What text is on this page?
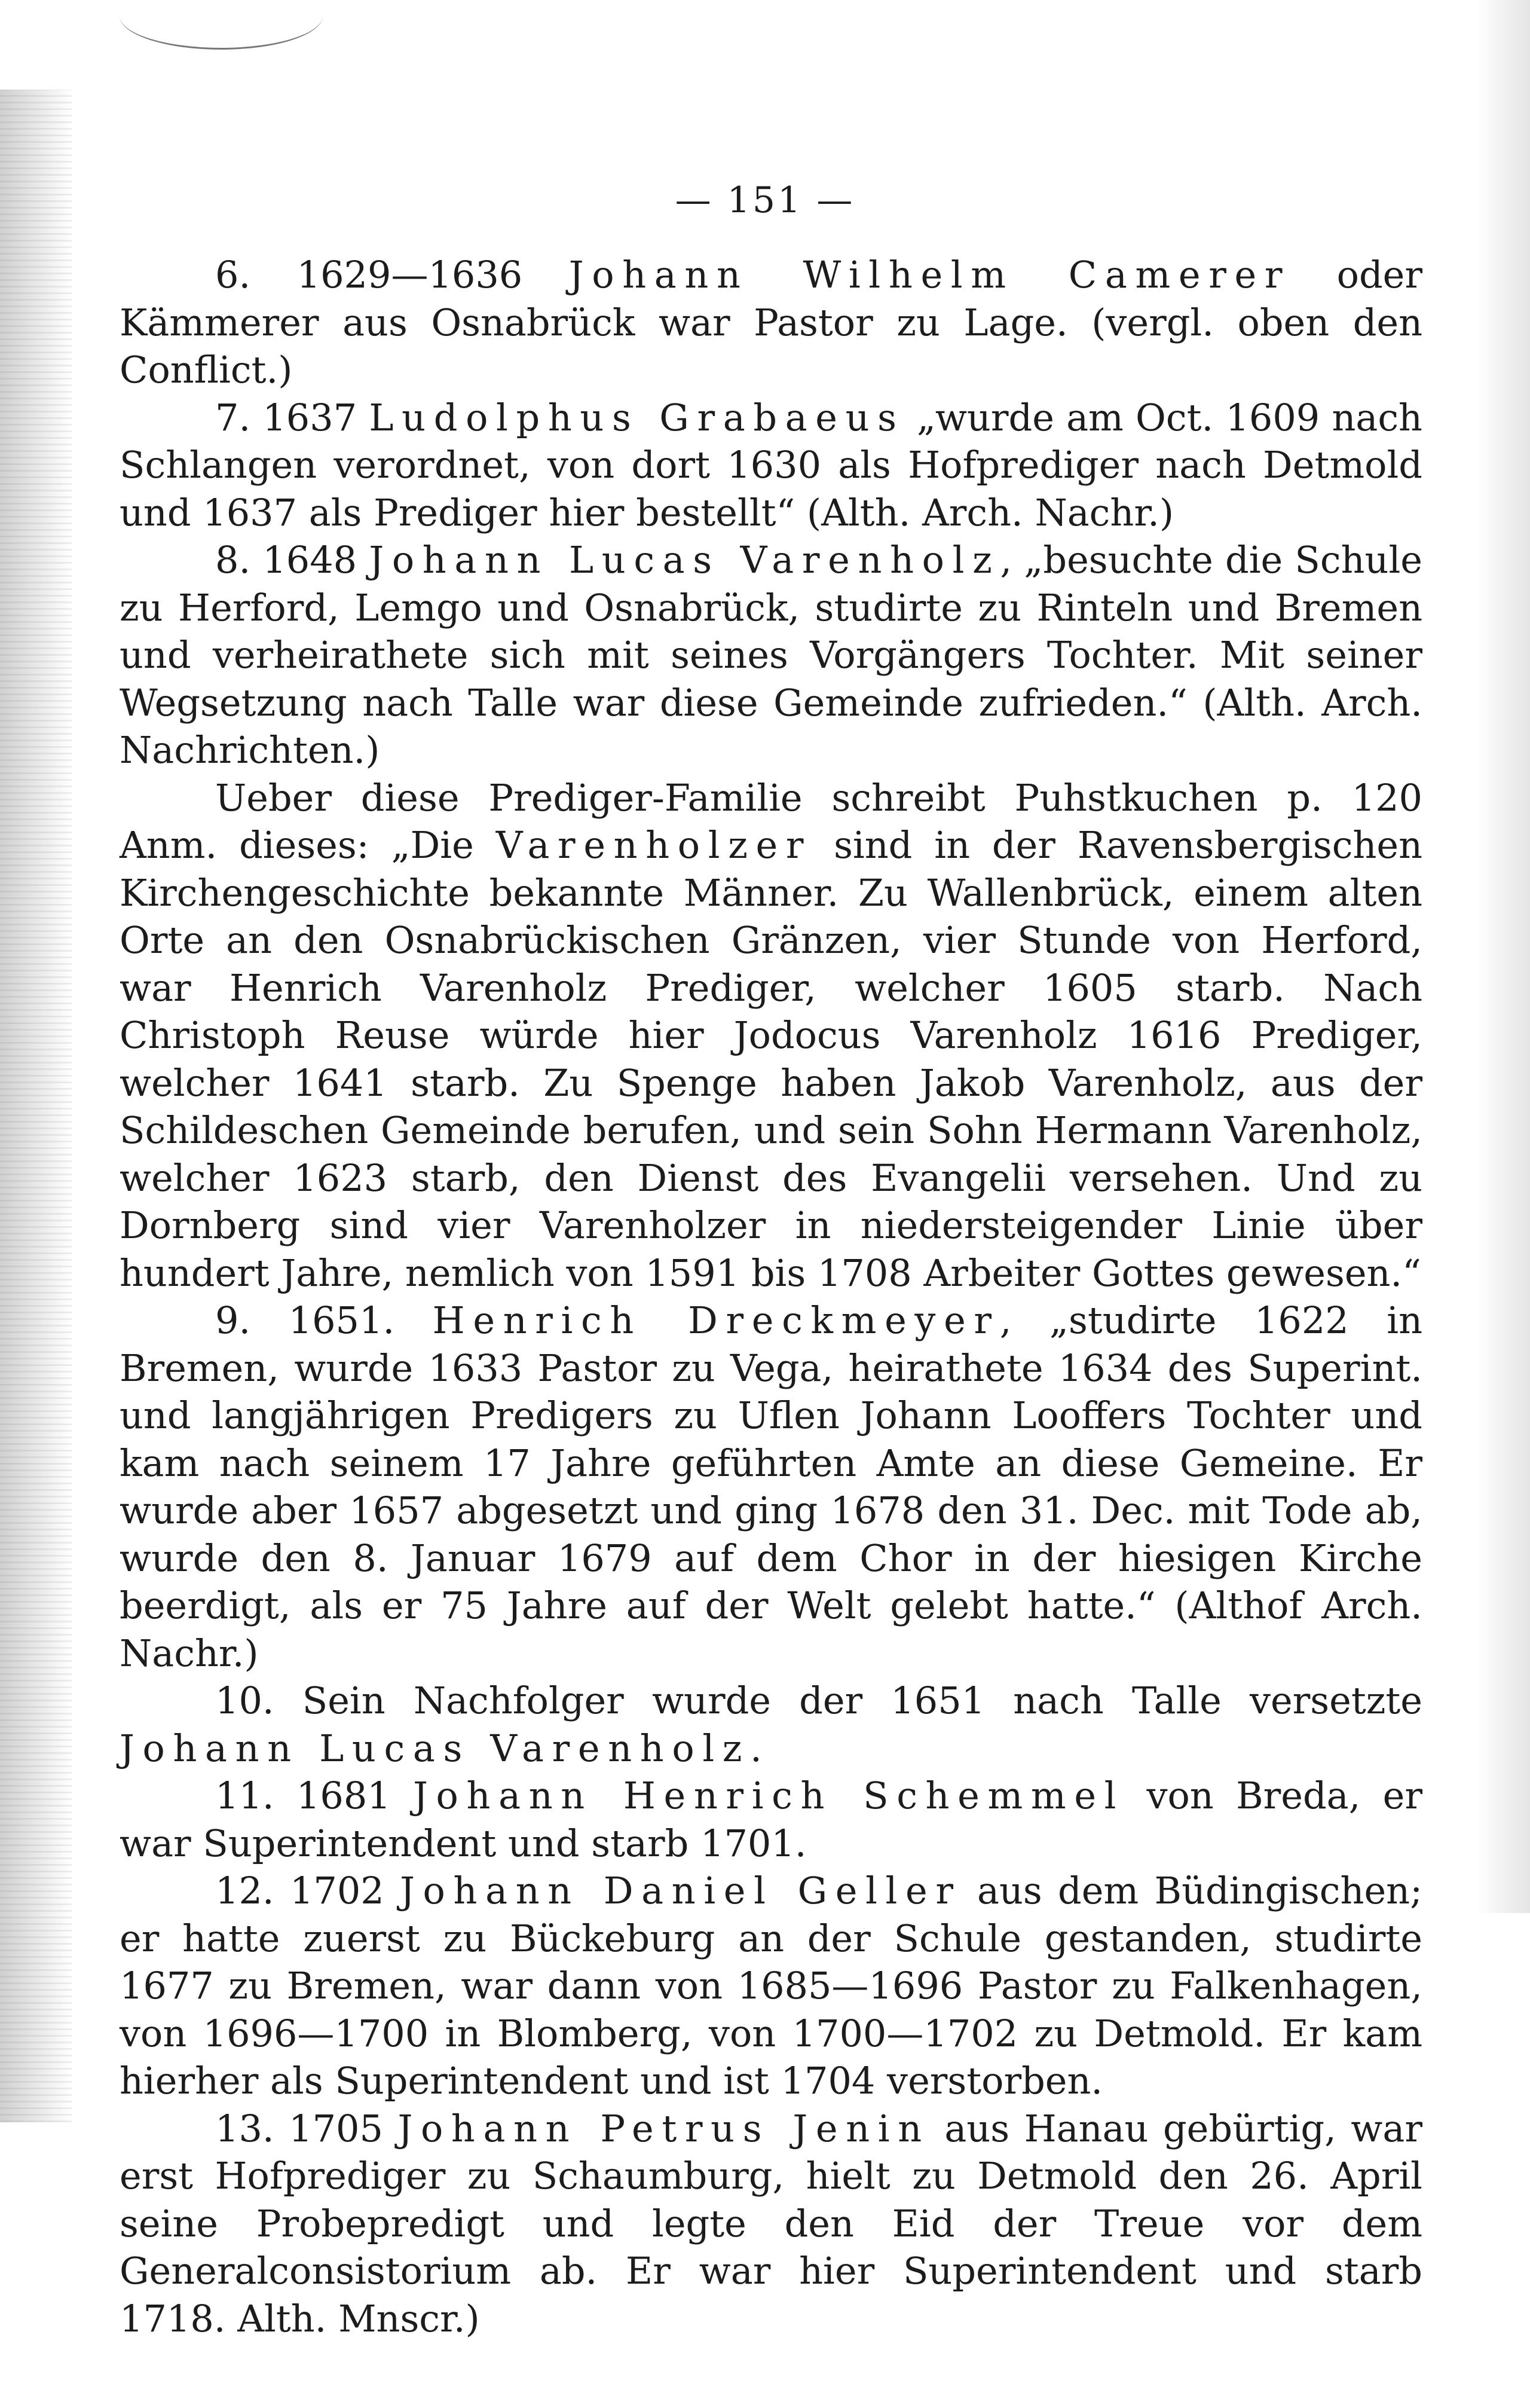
— 151 —

6. 1629—1636 Johann Wilhelm Camerer oder Kämmerer aus Osnabrück war Pastor zu Lage. (vergl. oben den Conflict.)

7. 1637 Ludolphus Grabaeus „wurde am Oct. 1609 nach Schlangen verordnet, von dort 1630 als Hofprediger nach Detmold und 1637 als Prediger hier bestellt“ (Alth. Arch. Nachr.)

8. 1648 Johann Lucas Varenholz, „besuchte die Schule zu Herford, Lemgo und Osnabrück, studirte zu Rinteln und Bremen und verheirathete sich mit seines Vorgängers Tochter. Mit seiner Wegsetzung nach Talle war diese Gemeinde zufrieden.“ (Alth. Arch. Nachrichten.)

Ueber diese Prediger-Familie schreibt Puhstkuchen p. 120 Anm. dieses: „Die Varenholzer sind in der Ravensbergischen Kirchengeschichte bekannte Männer. Zu Wallenbrück, einem alten Orte an den Osnabrückischen Gränzen, vier Stunde von Herford, war Henrich Varenholz Prediger, welcher 1605 starb. Nach Christoph Reuse würde hier Jodocus Varenholz 1616 Prediger, welcher 1641 starb. Zu Spenge haben Jakob Varenholz, aus der Schildeschen Gemeinde berufen, und sein Sohn Hermann Varenholz, welcher 1623 starb, den Dienst des Evangelii versehen. Und zu Dornberg sind vier Varenholzer in niedersteigender Linie über hundert Jahre, nemlich von 1591 bis 1708 Arbeiter Gottes gewesen.“

9. 1651. Henrich Dreckmeyer, „studirte 1622 in Bremen, wurde 1633 Pastor zu Vega, heirathete 1634 des Superint. und langjährigen Predigers zu Uflen Johann Looffers Tochter und kam nach seinem 17 Jahre geführten Amte an diese Gemeine. Er wurde aber 1657 abgesetzt und ging 1678 den 31. Dec. mit Tode ab, wurde den 8. Januar 1679 auf dem Chor in der hiesigen Kirche beerdigt, als er 75 Jahre auf der Welt gelebt hatte.“ (Althof Arch. Nachr.)

10. Sein Nachfolger wurde der 1651 nach Talle versetzte Johann Lucas Varenholz.

11. 1681 Johann Henrich Schemmel von Breda, er war Superintendent und starb 1701.

12. 1702 Johann Daniel Geller aus dem Büdingischen; er hatte zuerst zu Bückeburg an der Schule gestanden, studirte 1677 zu Bremen, war dann von 1685—1696 Pastor zu Falkenhagen, von 1696—1700 in Blomberg, von 1700—1702 zu Detmold. Er kam hierher als Superintendent und ist 1704 verstorben.

13. 1705 Johann Petrus Jenin aus Hanau gebürtig, war erst Hofprediger zu Schaumburg, hielt zu Detmold den 26. April seine Probepredigt und legte den Eid der Treue vor dem Generalconsistorium ab. Er war hier Superintendent und starb 1718. Alth. Mnscr.)
